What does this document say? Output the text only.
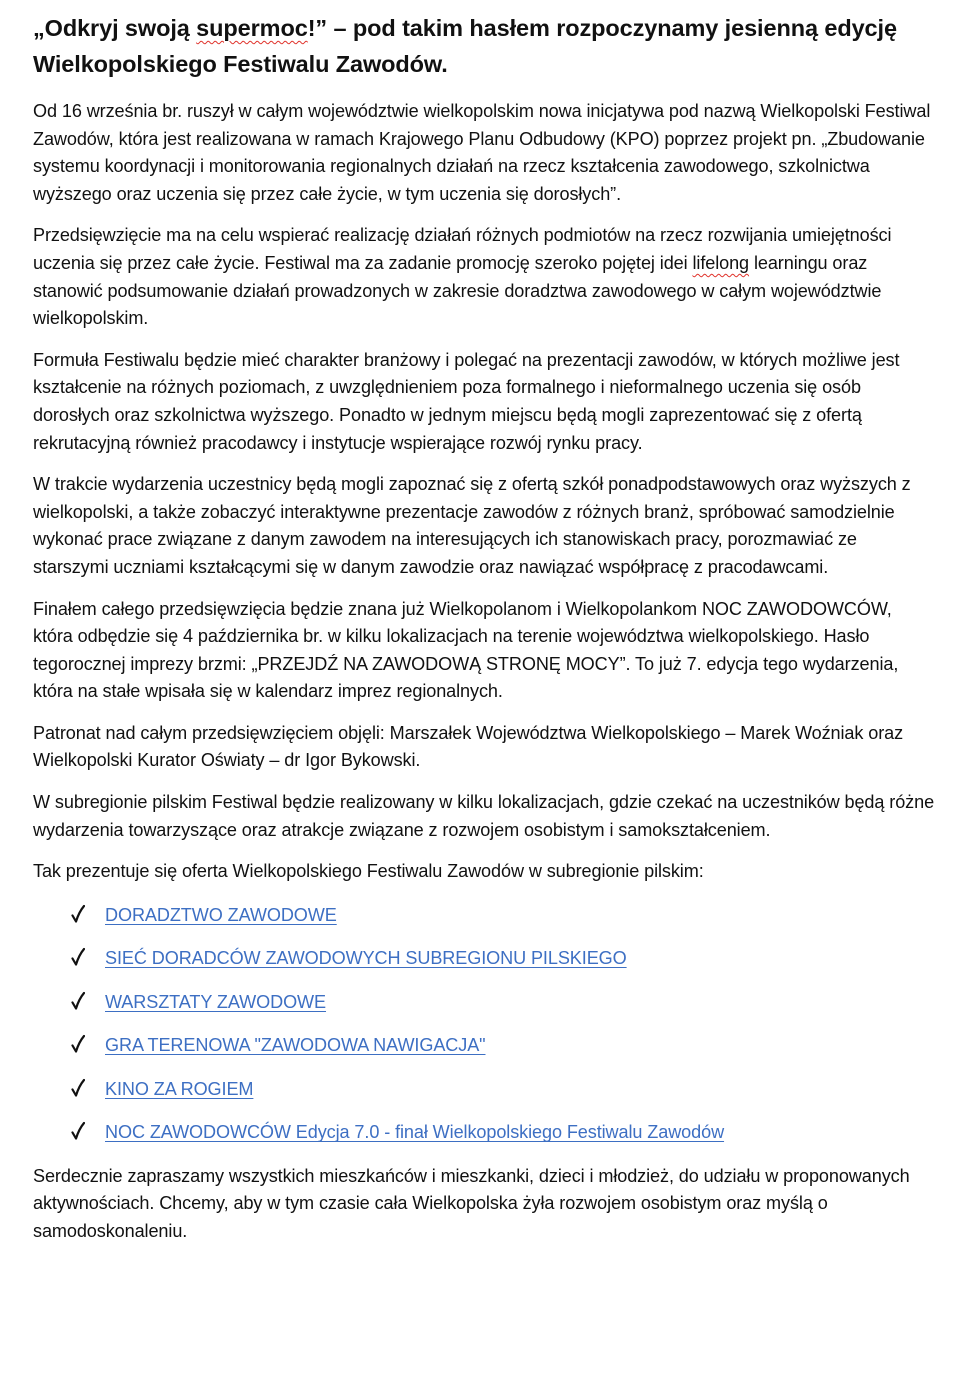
„Odkryj swoją supermoc!” – pod takim hasłem rozpoczynamy jesienną edycję Wielkopolskiego Festiwalu Zawodów.

Od 16 września br. ruszył w całym województwie wielkopolskim nowa inicjatywa pod nazwą Wielkopolski Festiwal Zawodów, która jest realizowana w ramach Krajowego Planu Odbudowy (KPO) poprzez projekt pn. „Zbudowanie systemu koordynacji i monitorowania regionalnych działań na rzecz kształcenia zawodowego, szkolnictwa wyższego oraz uczenia się przez całe życie, w tym uczenia się dorosłych”.

Przedsięwzięcie ma na celu wspierać realizację działań różnych podmiotów na rzecz rozwijania umiejętności uczenia się przez całe życie. Festiwal ma za zadanie promocję szeroko pojętej idei lifelong learningu oraz stanowić podsumowanie działań prowadzonych w zakresie doradztwa zawodowego w całym województwie wielkopolskim.

Formuła Festiwalu będzie mieć charakter branżowy i polegać na prezentacji zawodów, w których możliwe jest kształcenie na różnych poziomach, z uwzględnieniem poza formalnego i nieformalnego uczenia się osób dorosłych oraz szkolnictwa wyższego. Ponadto w jednym miejscu będą mogli zaprezentować się z ofertą rekrutacyjną również pracodawcy i instytucje wspierające rozwój rynku pracy.

W trakcie wydarzenia uczestnicy będą mogli zapoznać się z ofertą szkół ponadpodstawowych oraz wyższych z wielkopolski, a także zobaczyć interaktywne prezentacje zawodów z różnych branż, spróbować samodzielnie wykonać prace związane z danym zawodem na interesujących ich stanowiskach pracy, porozmawiać ze starszymi uczniami kształcącymi się w danym zawodzie oraz nawiązać współpracę z pracodawcami.

Finałem całego przedsięwzięcia będzie znana już Wielkopolanom i Wielkopolankom NOC ZAWODOWCÓW, która odbędzie się 4 października br. w kilku lokalizacjach na terenie województwa wielkopolskiego. Hasło tegorocznej imprezy brzmi: „PRZEJDŹ NA ZAWODOWĄ STRONĘ MOCY”. To już 7. edycja tego wydarzenia, która na stałe wpisała się w kalendarz imprez regionalnych.

Patronat nad całym przedsięwzięciem objęli: Marszałek Województwa Wielkopolskiego – Marek Woźniak oraz Wielkopolski Kurator Oświaty – dr Igor Bykowski.

W subregionie pilskim Festiwal będzie realizowany w kilku lokalizacjach, gdzie czekać na uczestników będą różne wydarzenia towarzyszące oraz atrakcje związane z rozwojem osobistym i samokształceniem.

Tak prezentuje się oferta Wielkopolskiego Festiwalu Zawodów w subregionie pilskim:

DORADZTWO ZAWODOWE
SIEĆ DORADCÓW ZAWODOWYCH SUBREGIONU PILSKIEGO
WARSZTATY ZAWODOWE
GRA TERENOWA "ZAWODOWA NAWIGACJA"
KINO ZA ROGIEM
NOC ZAWODOWCÓW Edycja 7.0 - finał Wielkopolskiego Festiwalu Zawodów

Serdecznie zapraszamy wszystkich mieszkańców i mieszkanki, dzieci i młodzież, do udziału w proponowanych aktywnościach. Chcemy, aby w tym czasie cała Wielkopolska żyła rozwojem osobistym oraz myślą o samodoskonaleniu.
